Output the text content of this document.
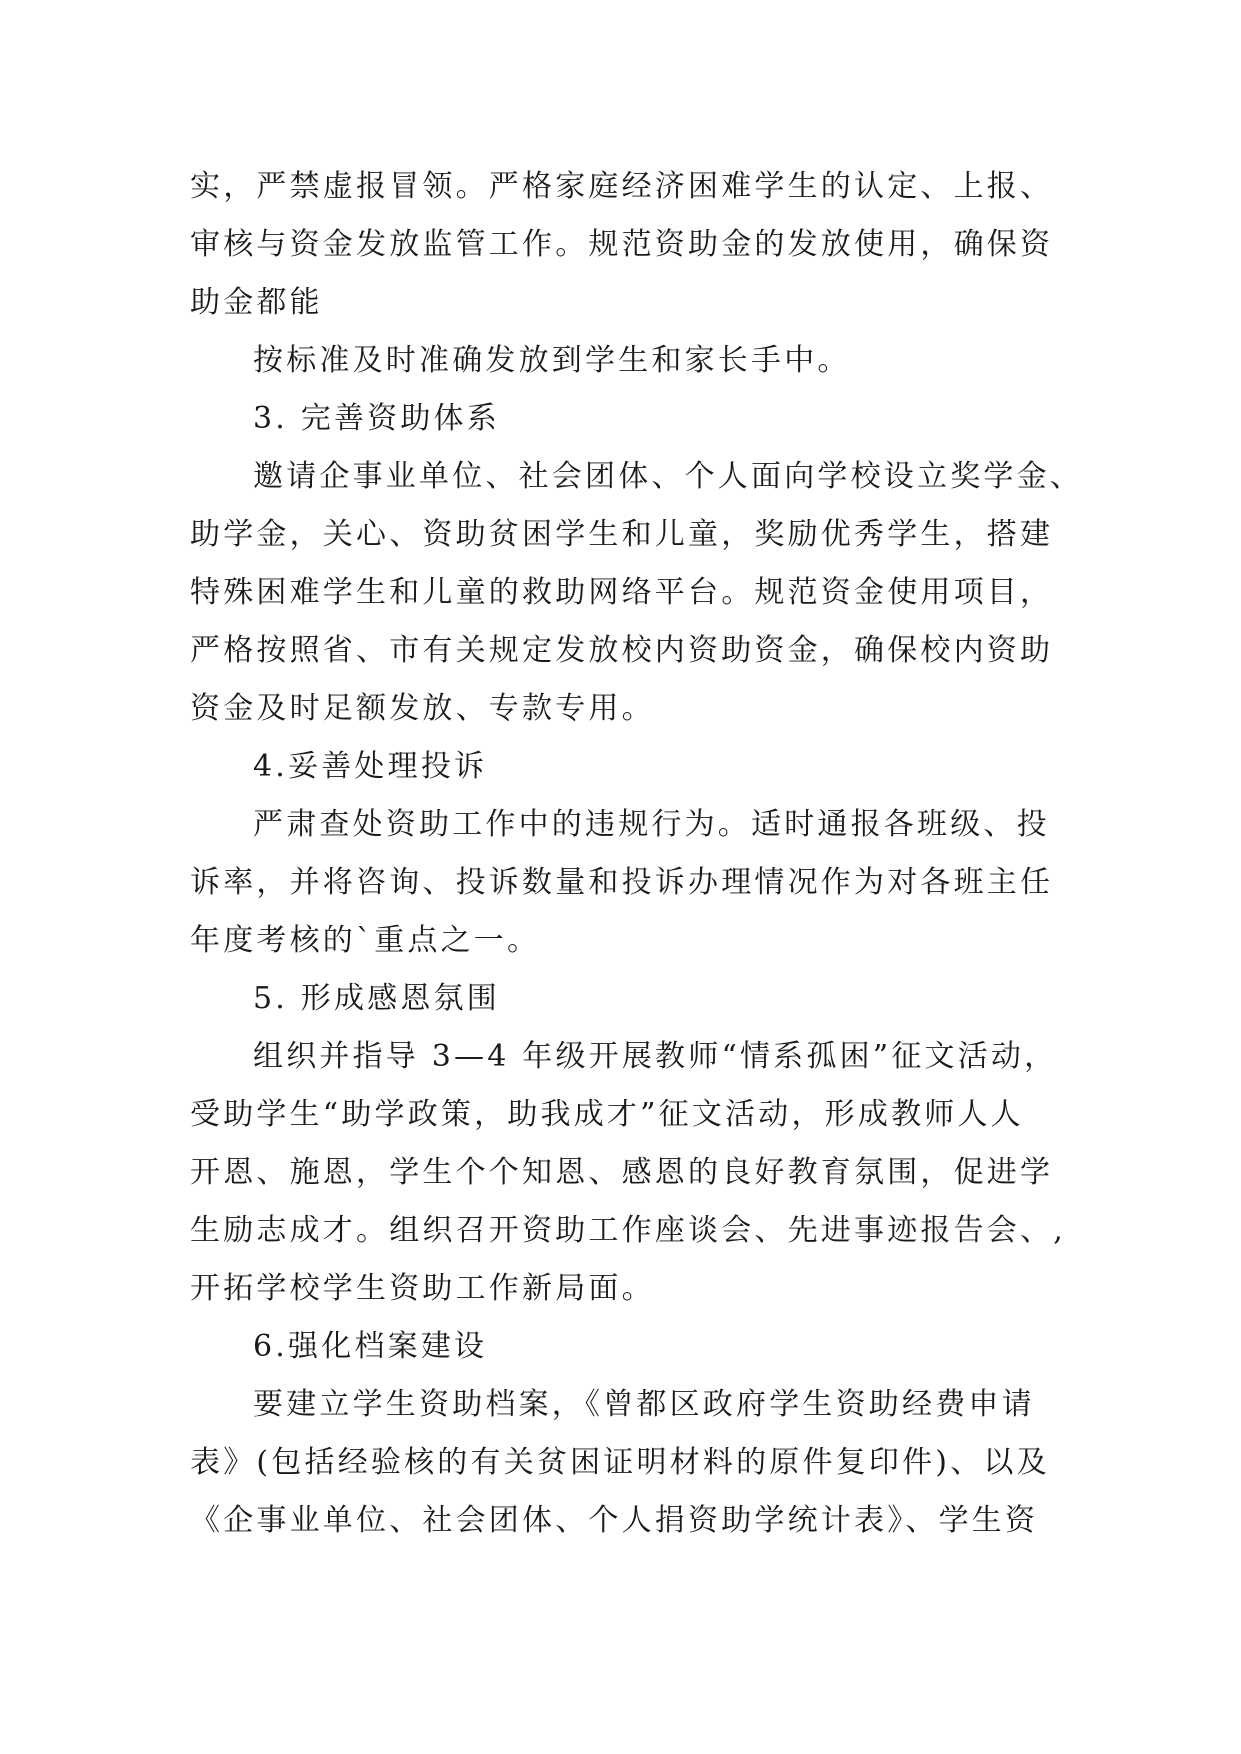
实，严禁虚报冒领。严格家庭经济困难学生的认定、上报、

审核与资金发放监管工作。规范资助金的发放使用，确保资

助金都能

按标准及时准确发放到学生和家长手中。

3. 完善资助体系

邀请企事业单位、社会团体、个人面向学校设立奖学金、

助学金，关心、资助贫困学生和儿童，奖励优秀学生，搭建

特殊困难学生和儿童的救助网络平台。规范资金使用项目，

严格按照省、市有关规定发放校内资助资金，确保校内资助

资金及时足额发放、专款专用。

4.妥善处理投诉

严肃查处资助工作中的违规行为。适时通报各班级、投

诉率，并将咨询、投诉数量和投诉办理情况作为对各班主任

年度考核的`重点之一。

5. 形成感恩氛围

组织并指导 3—4 年级开展教师“情系孤困”征文活动，

受助学生“助学政策，助我成才”征文活动，形成教师人人

开恩、施恩，学生个个知恩、感恩的良好教育氛围，促进学

生励志成才。组织召开资助工作座谈会、先进事迹报告会、,

开拓学校学生资助工作新局面。

6.强化档案建设

要建立学生资助档案，《曾都区政府学生资助经费申请

表》(包括经验核的有关贫困证明材料的原件复印件)、以及

《企事业单位、社会团体、个人捐资助学统计表》、学生资
